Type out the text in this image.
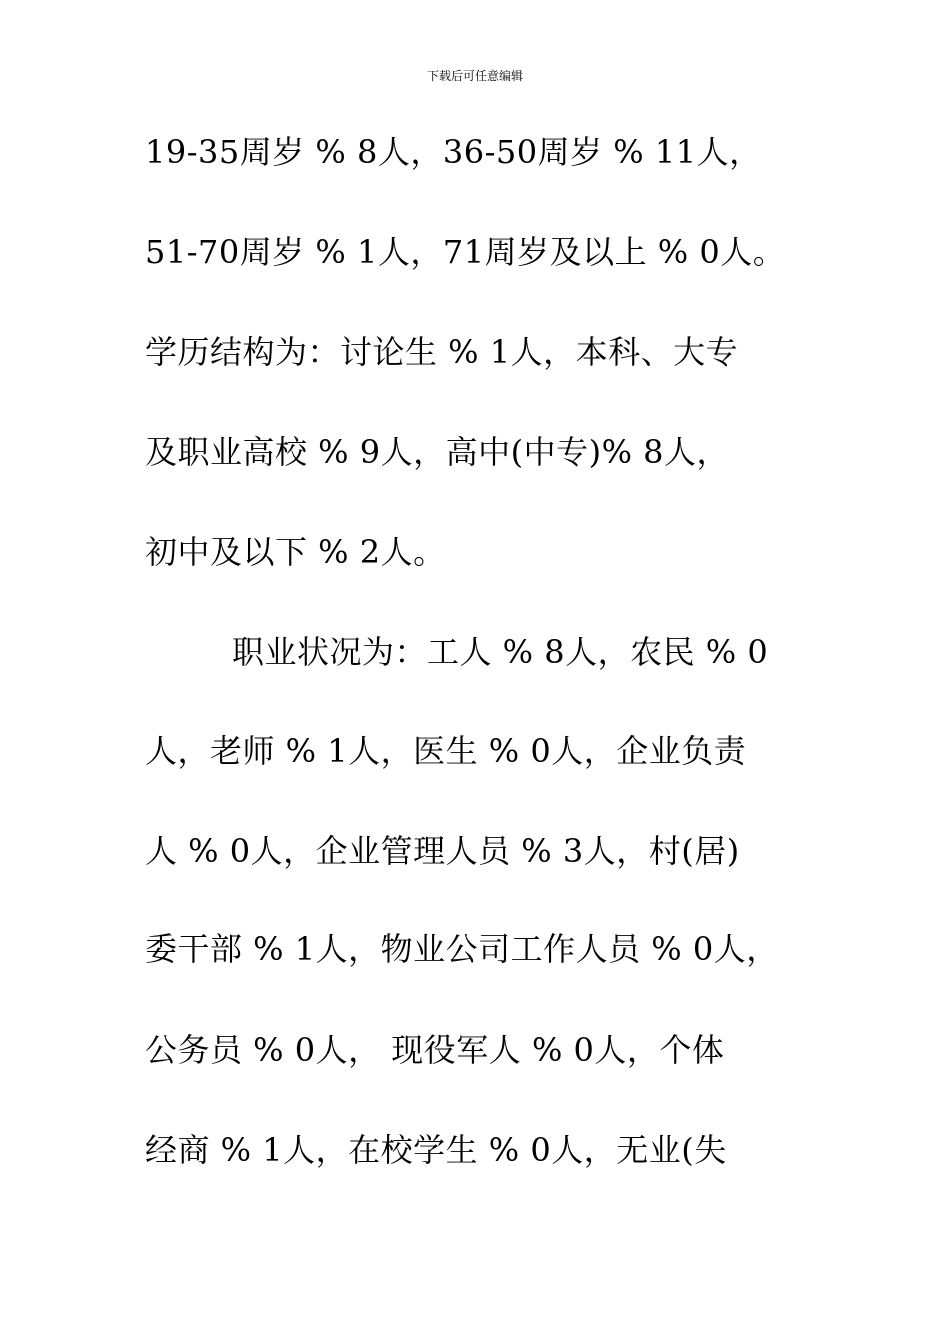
下载后可任意编辑
19-35周岁 % 8人，36-50周岁 % 11人，
51-70周岁 % 1人，71周岁及以上 % 0人。
学历结构为：讨论生 % 1人，本科、大专
及职业高校 % 9人，高中(中专)% 8人，
初中及以下 % 2人。
职业状况为：工人 % 8人，农民 % 0
人，老师 % 1人，医生 % 0人，企业负责
人 % 0人，企业管理人员 % 3人，村(居)
委干部 % 1人，物业公司工作人员 % 0人，
公务员 % 0人， 现役军人 % 0人，个体
经商 % 1人，在校学生 % 0人，无业(失
